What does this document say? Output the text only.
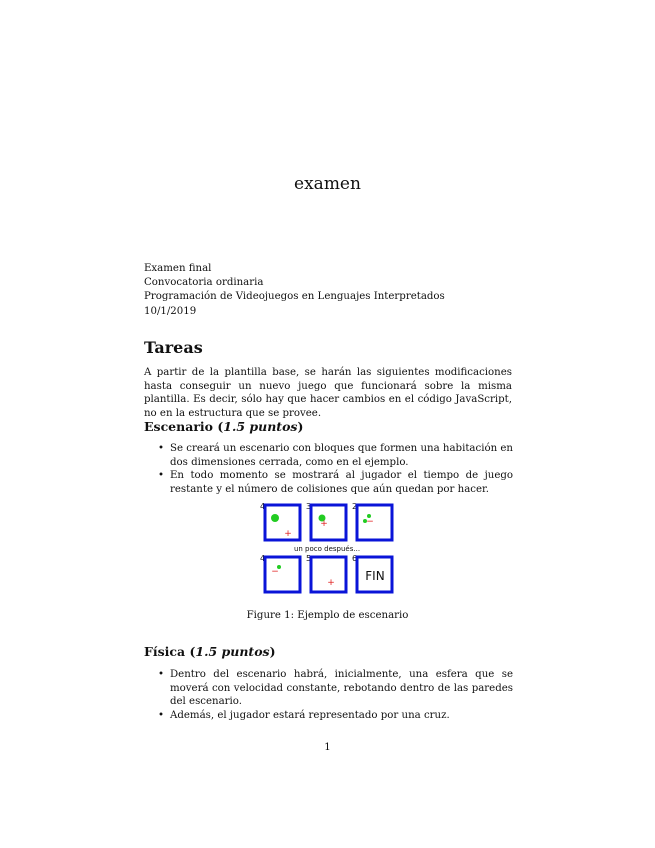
examen
Examen final
Convocatoria ordinaria
Programación de Videojuegos en Lenguajes Interpretados
10/1/2019
Tareas
A partir de la plantilla base, se harán las siguientes modificaciones hasta conseguir un nuevo juego que funcionará sobre la misma plantilla. Es decir, sólo hay que hacer cambios en el código JavaScript, no en la estructura que se provee.
Escenario (1.5 puntos)
• Se creará un escenario con bloques que formen una habitación en dos dimensiones cerrada, como en el ejemplo.
• En todo momento se mostrará al jugador el tiempo de juego restante y el número de colisiones que aún quedan por hacer.
4	3	2
+
+	−
un poco después...
4	5	6
−
+	FIN
Figure 1: Ejemplo de escenario
Física (1.5 puntos)
• Dentro del escenario habrá, inicialmente, una esfera que se moverá con velocidad constante, rebotando dentro de las paredes del escenario.
• Además, el jugador estará representado por una cruz.
1
